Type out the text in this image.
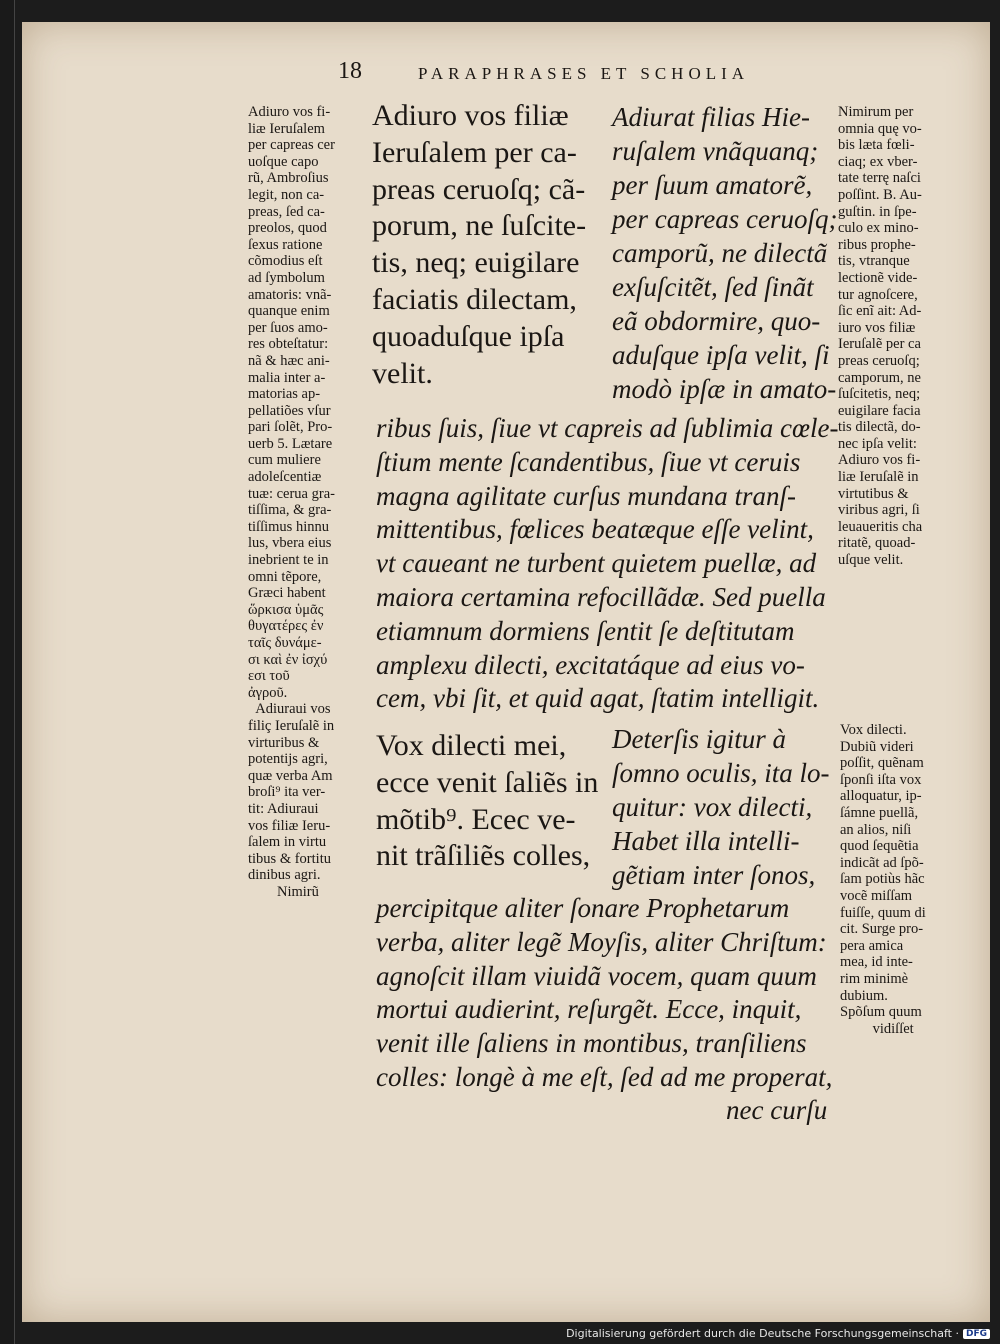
18	PARAPHRASES ET SCHOLIA
Adiuro vos fi-
liæ Ieruſalem
per capreas cer
uoſque capo
rũ, Ambroſius
legit, non ca-
preas, ſed ca-
preolos, quod
ſexus ratione
cõmodius eſt
ad ſymbolum
amatoris: vnã-
quanque enim
per ſuos amo-
res obteſtatur:
nã & hæc ani-
malia inter a-
matorias ap-
pellatiões vſur
pari ſolẽt, Pro-
uerb 5. Lætare
cum muliere
adoleſcentiæ
tuæ: cerua gra-
tiſſima, & gra-
tiſſimus hinnu
lus, vbera eius
inebrient te in
omni tẽpore,
Græci habent
ὥρκισα ὑμᾶς
θυγατέρες ἐν
ταῖς δυνάμε-
σι καὶ ἐν ἰσχύ
εσι τοῦ
ἀγροῦ.
Adiuraui vos
filiç Ieruſalẽ in
virturibus &
potentijs agri,
quæ verba Am
broſi⁹ ita ver-
tit: Adiuraui
vos filiæ Ieru-
ſalem in virtu
tibus & fortitu
dinibus agri.
Nimirũ
Adiuro vos filiæ
Ieruſalem per ca-
preas ceruoſq; cã-
porum, ne ſuſcite-
tis, neq; euigilare
faciatis dilectam,
quoaduſque ipſa
velit.
Adiurat filias Hie-
ruſalem vnãquanq;
per ſuum amatorẽ,
per capreas ceruoſq;
camporũ, ne dilectã
exſuſcitẽt, ſed ſinãt
eã obdormire, quo-
aduſque ipſa velit, ſi
modò ipſæ in amato-
Nimirum per
omnia quę vo-
bis læta fœli-
ciaq; ex vber-
tate terrę naſci
poſſint. B. Au-
guſtin. in ſpe-
culo ex mino-
ribus prophe-
tis, vtranque
lectionẽ vide-
tur agnoſcere,
ſic enĩ ait: Ad-
iuro vos filiæ
Ieruſalẽ per ca
preas ceruoſq;
camporum, ne
ſuſcitetis, neq;
euigilare facia
tis dilectã, do-
nec ipſa velit:
Adiuro vos fi-
liæ Ieruſalẽ in
virtutibus &
viribus agri, ſi
leuaueritis cha
ritatẽ, quoad-
uſque velit.
ribus ſuis, ſiue vt capreis ad ſublimia cœle-
ſtium mente ſcandentibus, ſiue vt ceruis
magna agilitate curſus mundana tranſ-
mittentibus, fœlices beatæque eſſe velint,
vt caueant ne turbent quietem puellæ, ad
maiora certamina refocillãdæ. Sed puella
etiamnum dormiens ſentit ſe deſtitutam
amplexu dilecti, excitatáque ad eius vo-
cem, vbi ſit, et quid agat, ſtatim intelligit.
Vox dilecti mei,
ecce venit ſaliẽs in
mõtib⁹. Ecec ve-
nit trãſiliẽs colles,
Deterſis igitur à
ſomno oculis, ita lo-
quitur: vox dilecti,
Habet illa intelli-
gẽtiam inter ſonos,
Vox dilecti.
Dubiũ videri
poſſit, quẽnam
ſponſi iſta vox
alloquatur, ip-
ſámne puellã,
an alios, niſi
quod ſequẽtia
indicãt ad ſpõ-
ſam potiùs hãc
vocẽ miſſam
fuiſſe, quum di
cit. Surge pro-
pera amica
mea, id inte-
rim minimè
dubium.
Spõſum quum
vidiſſet
percipitque aliter ſonare Prophetarum
verba, aliter legẽ Moyſis, aliter Chriſtum:
agnoſcit illam viuidã vocem, quam quum
mortui audierint, reſurgẽt. Ecce, inquit,
venit ille ſaliens in montibus, tranſiliens
colles: longè à me eſt, ſed ad me properat,
nec curſu
Digitalisierung gefördert durch die Deutsche Forschungsgemeinschaft · DFG
